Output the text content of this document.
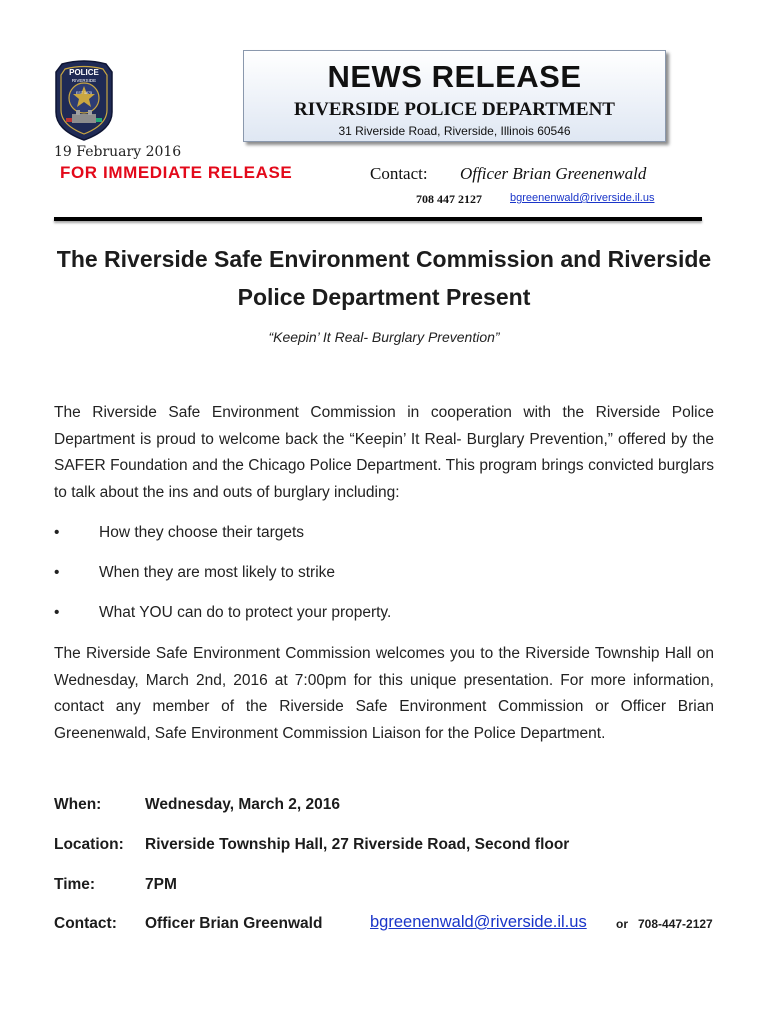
POLICE
RIVERSIDE
EST 1875	NEWS RELEASE
RIVERSIDE POLICE DEPARTMENT
31 Riverside Road, Riverside, Illinois 60546
19 February 2016
FOR IMMEDIATE RELEASE	Contact: Officer Brian Greenenwald
708 447 2127	bgreenenwald@riverside.il.us
The Riverside Safe Environment Commission and Riverside
Police Department Present
“Keepin’ It Real- Burglary Prevention”
The Riverside Safe Environment Commission in cooperation with the Riverside Police Department is proud to welcome back the “Keepin’ It Real- Burglary Prevention,” offered by the SAFER Foundation and the Chicago Police Department. This program brings convicted burglars to talk about the ins and outs of burglary including:
•	How they choose their targets
•	When they are most likely to strike
•	What YOU can do to protect your property.
The Riverside Safe Environment Commission welcomes you to the Riverside Township Hall on Wednesday, March 2nd, 2016 at 7:00pm for this unique presentation. For more information, contact any member of the Riverside Safe Environment Commission or Officer Brian Greenenwald, Safe Environment Commission Liaison for the Police Department.
When:	Wednesday, March 2, 2016
Location: Riverside Township Hall, 27 Riverside Road, Second floor
Time:	7PM
Contact: Officer Brian Greenwald	bgreenenwald@riverside.il.us or 708-447-2127
